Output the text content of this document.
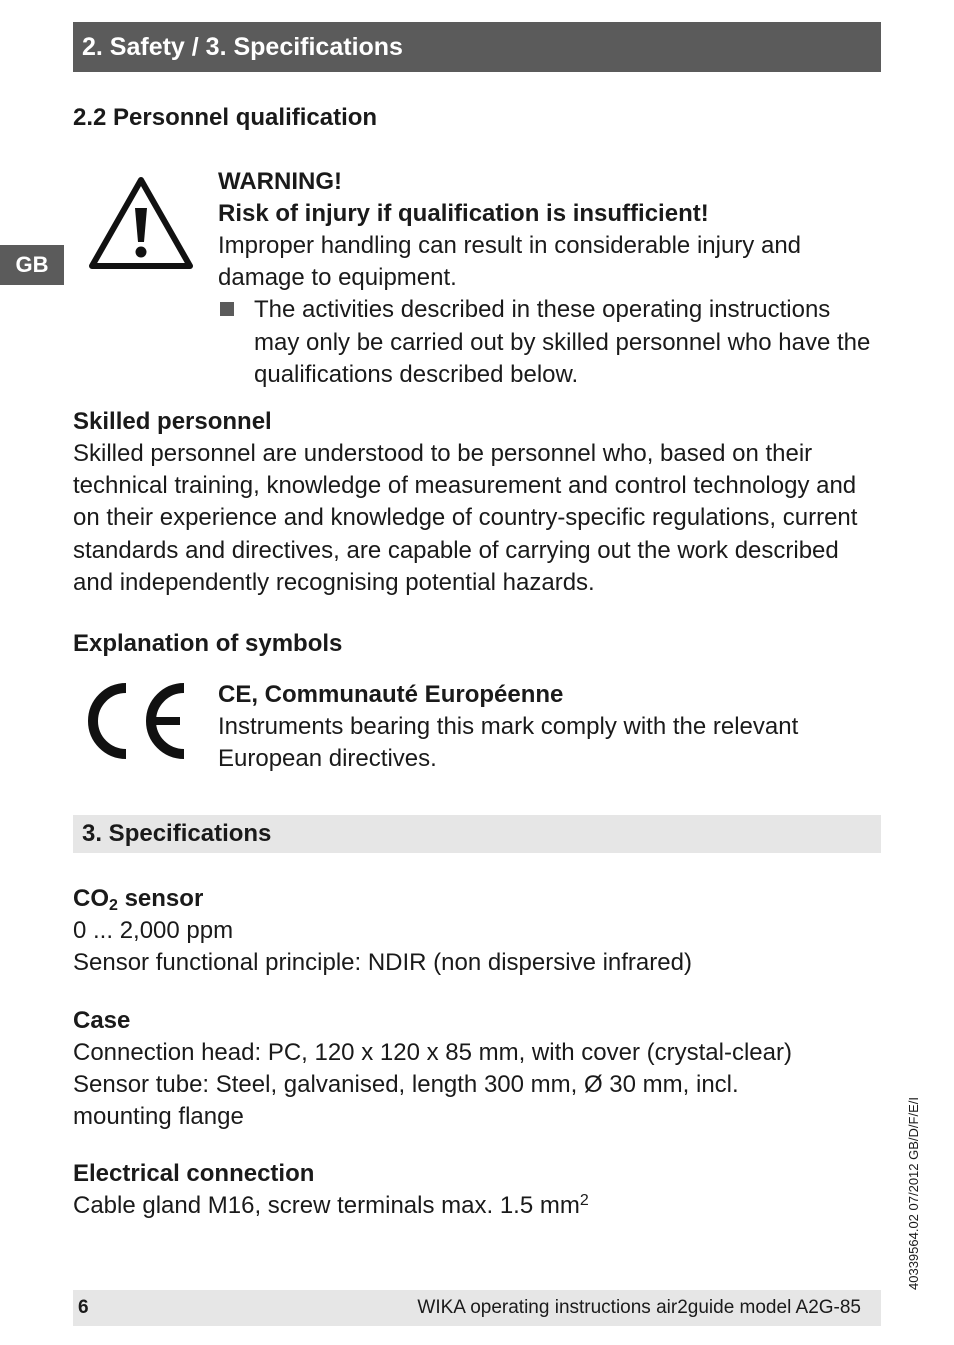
2. Safety / 3. Specifications
GB
2.2 Personnel qualification
WARNING!
Risk of injury if qualification is insufficient!
Improper handling can result in considerable injury and damage to equipment.
The activities described in these operating instructions may only be carried out by skilled personnel who have the qualifications described below.
Skilled personnel
Skilled personnel are understood to be personnel who, based on their technical training, knowledge of measurement and control technology and on their experience and knowledge of country-specific regulations, current standards and directives, are capable of carrying out the work described and independently recognising potential hazards.
Explanation of symbols
CE, Communauté Européenne
Instruments bearing this mark comply with the relevant European directives.
3. Specifications
$CO_2$ sensor
0 ... 2,000 ppm
Sensor functional principle: NDIR (non dispersive infrared)
Case
Connection head: PC, 120 x 120 x 85 mm, with cover (crystal-clear)
Sensor tube: Steel, galvanised, length 300 mm, Ø 30 mm, incl. mounting flange
Electrical connection
Cable gland M16, screw terminals max. 1.5 $mm^2$	40339564.02 07/2012 GB/D/F/E/I
6	WIKA operating instructions air2guide model A2G-85
